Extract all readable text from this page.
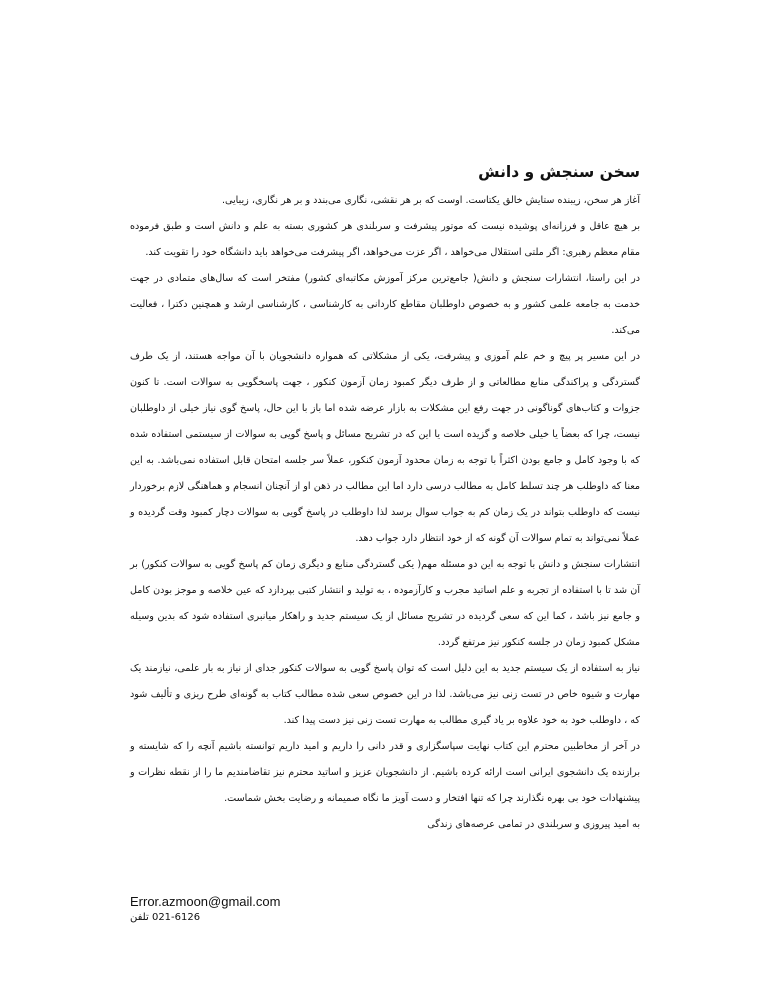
سخن سنجش و دانش

آغاز هر سخن، زیبنده ستایش خالق یکتاست. اوست که بر هر نقشی، نگاری می‌بندد و بر هر نگاری، زیبایی.

بر هیچ عاقل و فرزانه‌ای پوشیده نیست که موتور پیشرفت و سربلندی هر کشوری بسته به علم و دانش است و طبق فرموده مقام معظم رهبری: اگر ملتی استقلال می‌خواهد ، اگر عزت می‌خواهد، اگر پیشرفت می‌خواهد باید دانشگاه خود را تقویت کند.

در این راستا، انتشارات سنجش و دانش( جامع‌ترین مرکز آموزش مکاتبه‌ای کشور) مفتخر است که سال‌های متمادی در جهت خدمت به جامعه علمی کشور و به خصوص داوطلبان مقاطع کاردانی به کارشناسی ، کارشناسی ارشد و همچنین دکترا ، فعالیت می‌کند.

در این مسیر پر پیچ و خم علم آموزی و پیشرفت، یکی از مشکلاتی که همواره دانشجویان با آن مواجه هستند، از یک طرف گستردگی و پراکندگی منابع مطالعاتی و از طرف دیگر کمبود زمان آزمون کنکور ، جهت پاسخگویی به سوالات است. تا کنون جزوات و کتاب‌های گوناگونی در جهت رفع این مشکلات به بازار عرضه شده اما باز با این حال، پاسخ گوی نیاز خیلی از داوطلبان نیست، چرا که بعضاً یا خیلی خلاصه و گزیده است یا این که در تشریح مسائل و پاسخ گویی به سوالات از سیستمی استفاده شده که با وجود کامل و جامع بودن اکثراً با توجه به زمان محدود آزمون کنکور، عملاً سر جلسه امتحان قابل استفاده نمی‌باشد. به این معنا که داوطلب هر چند تسلط کامل به مطالب درسی دارد اما این مطالب در ذهن او از آنچنان انسجام و هماهنگی لازم برخوردار نیست که داوطلب بتواند در یک زمان کم به جواب سوال برسد لذا داوطلب در پاسخ گویی به سوالات دچار کمبود وقت گردیده و عملاً نمی‌تواند به تمام سوالات آن گونه که از خود انتظار دارد جواب دهد.

انتشارات سنجش و دانش با توجه به این دو مسئله مهم( یکی گستردگی منابع و دیگری زمان کم پاسخ گویی به سوالات کنکور) بر آن شد تا با استفاده از تجربه و علم اساتید مجرب و کارآزموده ، به تولید و انتشار کتبی بپردازد که عین خلاصه و موجز بودن کامل و جامع نیز باشد ، کما این که سعی گردیده در تشریح مسائل از یک سیستم جدید و راهکار میانبری استفاده شود که بدین وسیله مشکل کمبود زمان در جلسه کنکور نیز مرتفع گردد.

نیاز به استفاده از یک سیستم جدید به این دلیل است که توان پاسخ گویی به سوالات کنکور جدای از نیاز به بار علمی، نیازمند یک مهارت و شیوه خاص در تست زنی نیز می‌باشد. لذا در این خصوص سعی شده مطالب کتاب به گونه‌ای طرح ریزی و تألیف شود که ، داوطلب خود به خود علاوه بر یاد گیری مطالب به مهارت تست زنی نیز دست پیدا کند.

در آخر از مخاطبین محترم این کتاب نهایت سپاسگزاری و قدر دانی را داریم و امید داریم توانسته باشیم آنچه را که شایسته و برازنده یک دانشجوی ایرانی است ارائه کرده باشیم. از دانشجویان عزیز و اساتید محترم نیز تقاضامندیم ما را از نقطه نظرات و پیشنهادات خود بی بهره نگذارند چرا که تنها افتخار و دست آویز ما نگاه صمیمانه و رضایت بخش شماست.

به امید پیروزی و سربلندی در تمامی عرصه‌های زندگی

Error.azmoon@gmail.com
021-6126 تلفن
